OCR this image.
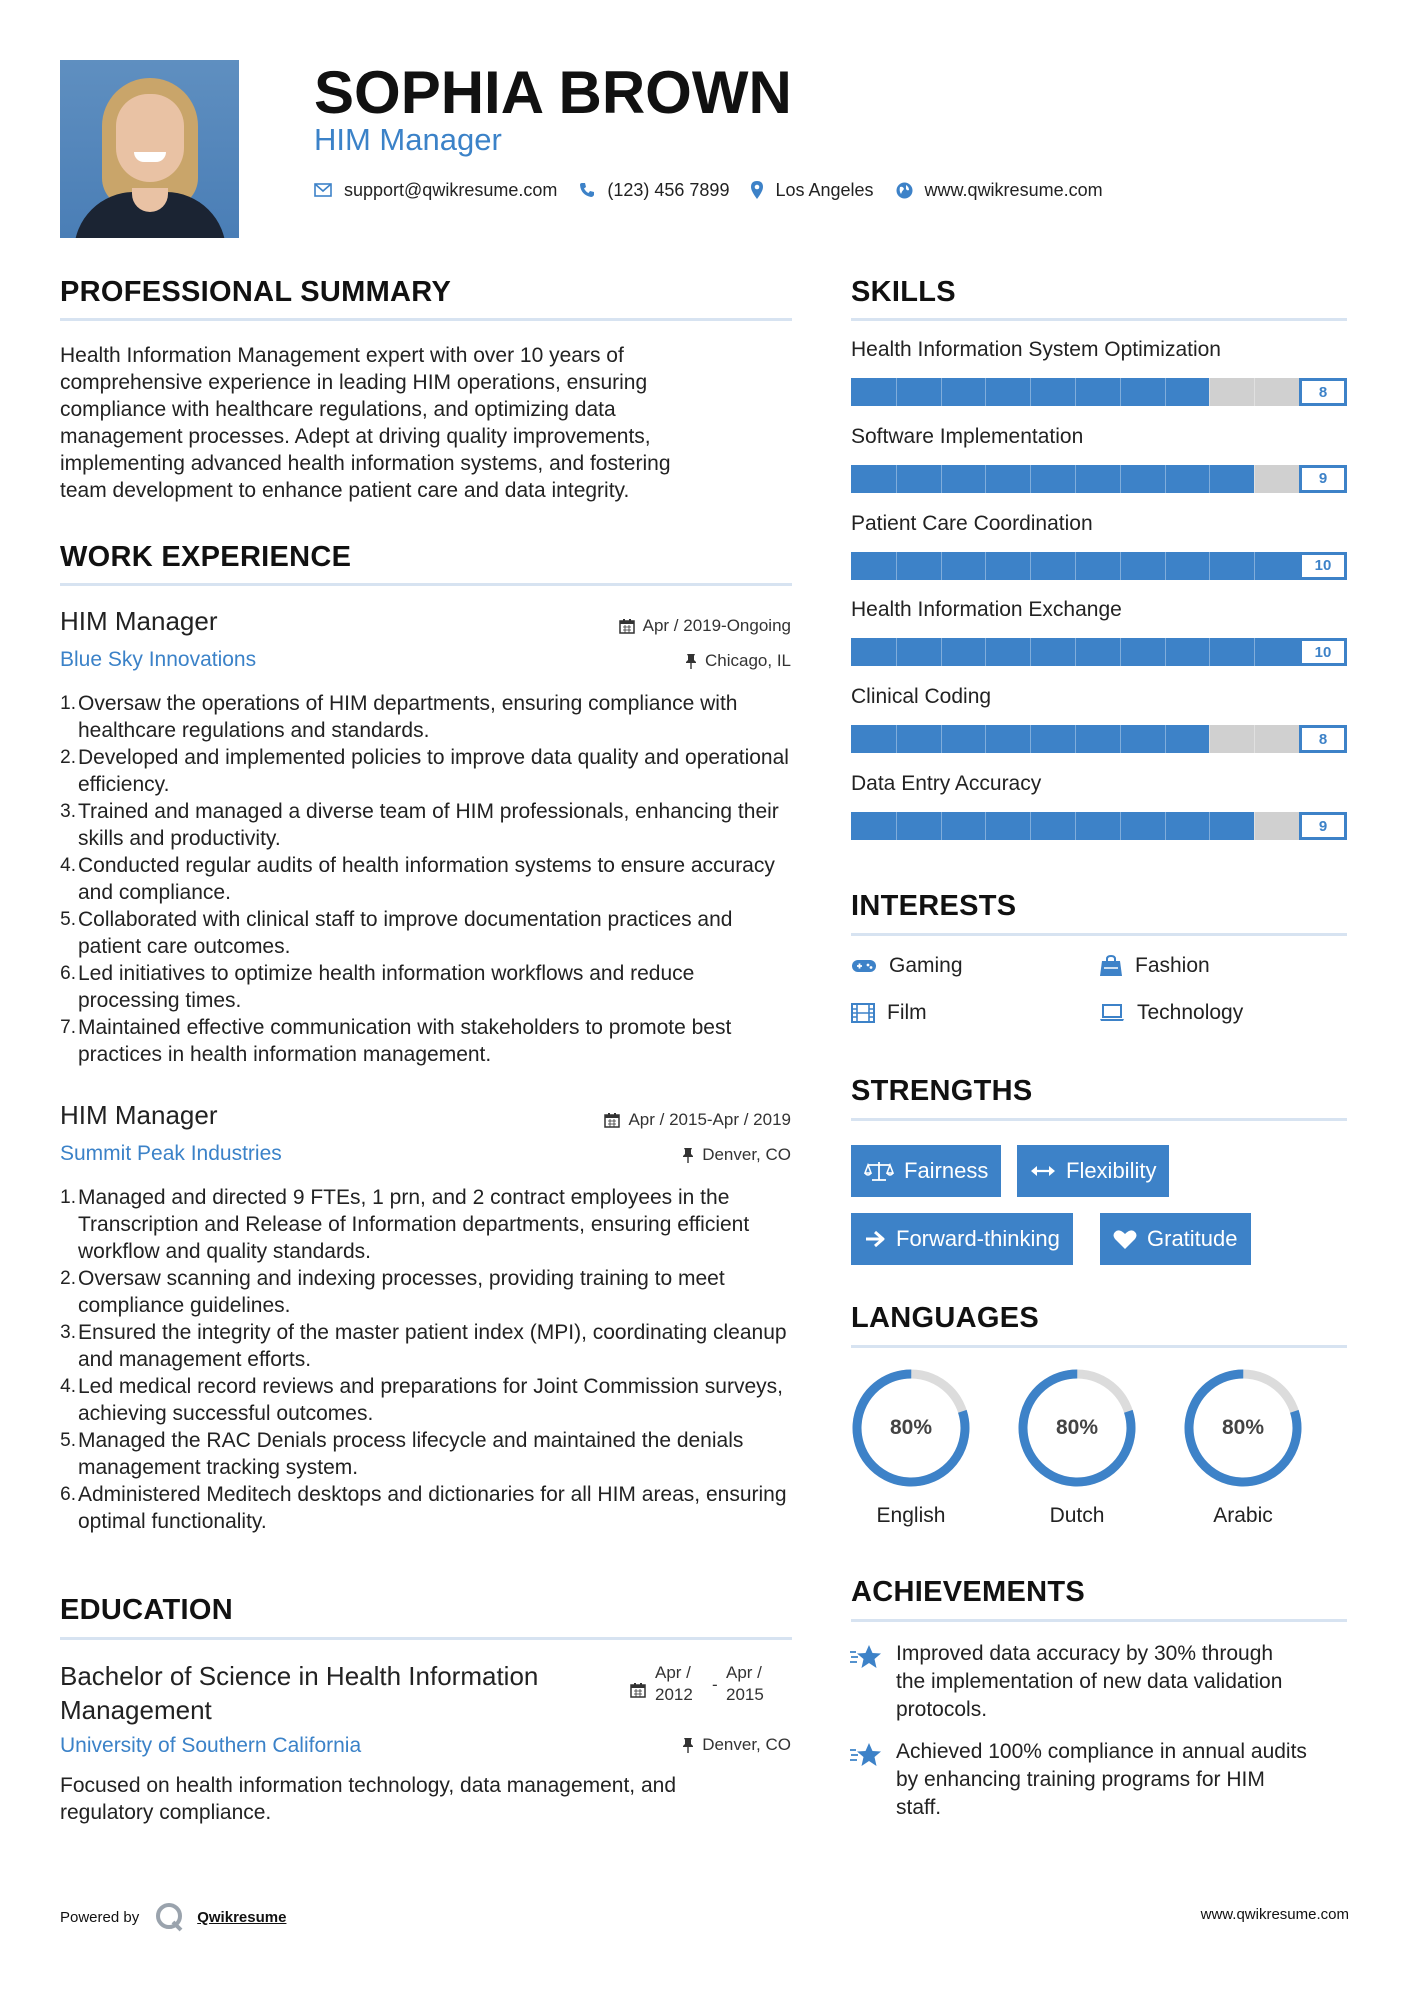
SOPHIA BROWN
HIM Manager
support@qwikresume.com	(123) 456 7899	Los Angeles	www.qwikresume.com
PROFESSIONAL SUMMARY
Health Information Management expert with over 10 years of
comprehensive experience in leading HIM operations, ensuring
compliance with healthcare regulations, and optimizing data
management processes. Adept at driving quality improvements,
implementing advanced health information systems, and fostering
team development to enhance patient care and data integrity.
WORK EXPERIENCE
HIM Manager	Apr / 2019-Ongoing
Blue Sky Innovations	Chicago, IL
Oversaw the operations of HIM departments, ensuring compliance with healthcare regulations and standards.
Developed and implemented policies to improve data quality and operational efficiency.
Trained and managed a diverse team of HIM professionals, enhancing their skills and productivity.
Conducted regular audits of health information systems to ensure accuracy and compliance.
Collaborated with clinical staff to improve documentation practices and patient care outcomes.
Led initiatives to optimize health information workflows and reduce processing times.
Maintained effective communication with stakeholders to promote best practices in health information management.
HIM Manager	Apr / 2015-Apr / 2019
Summit Peak Industries	Denver, CO
Managed and directed 9 FTEs, 1 prn, and 2 contract employees in the Transcription and Release of Information departments, ensuring efficient workflow and quality standards.
Oversaw scanning and indexing processes, providing training to meet compliance guidelines.
Ensured the integrity of the master patient index (MPI), coordinating cleanup and management efforts.
Led medical record reviews and preparations for Joint Commission surveys, achieving successful outcomes.
Managed the RAC Denials process lifecycle and maintained the denials management tracking system.
Administered Meditech desktops and dictionaries for all HIM areas, ensuring optimal functionality.
EDUCATION
Bachelor of Science in Health Information
Management
Apr /
2012
-
Apr /
2015
University of Southern California	Denver, CO
Focused on health information technology, data management, and
regulatory compliance.
SKILLS
Health Information System Optimization
8
Software Implementation
9
Patient Care Coordination
10
Health Information Exchange
10
Clinical Coding
8
Data Entry Accuracy
9
INTERESTS
Gaming	Fashion
Film	Technology
STRENGTHS
Fairness	Flexibility
Forward-thinking	Gratitude
LANGUAGES
80%
English
80%
Dutch
80%
Arabic
ACHIEVEMENTS
Improved data accuracy by 30% through
the implementation of new data validation
protocols.
Achieved 100% compliance in annual audits
by enhancing training programs for HIM
staff.
Powered by	Qwikresume	www.qwikresume.com
